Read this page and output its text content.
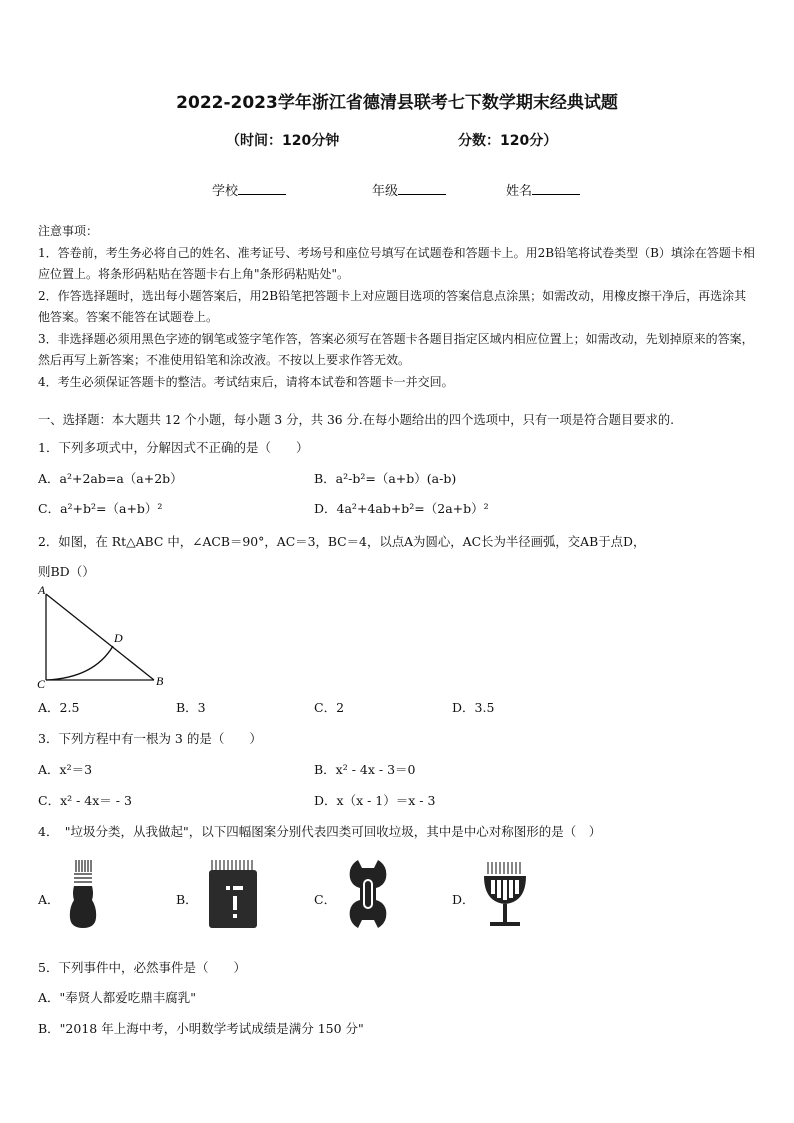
2022-2023学年浙江省德清县联考七下数学期末经典试题
（时间：120分钟	分数：120分）
学校	年级	姓名

注意事项：

1．答卷前，考生务必将自己的姓名、准考证号、考场号和座位号填写在试题卷和答题卡上。用2B铅笔将试卷类型（B）填涂在答题卡相应位置上。将条形码粘贴在答题卡右上角"条形码粘贴处"。

2．作答选择题时，选出每小题答案后，用2B铅笔把答题卡上对应题目选项的答案信息点涂黑；如需改动，用橡皮擦干净后，再选涂其他答案。答案不能答在试题卷上。

3．非选择题必须用黑色字迹的钢笔或签字笔作答，答案必须写在答题卡各题目指定区域内相应位置上；如需改动，先划掉原来的答案，然后再写上新答案；不准使用铅笔和涂改液。不按以上要求作答无效。

4．考生必须保证答题卡的整洁。考试结束后，请将本试卷和答题卡一并交回。

一、选择题：本大题共 12 个小题，每小题 3 分，共 36 分.在每小题给出的四个选项中，只有一项是符合题目要求的.
1．下列多项式中，分解因式不正确的是（　　）
A．a²+2ab=a（a+2b）	B．a²-b²=（a+b）(a-b)
C．a²+b²=（a+b）²	D．4a²+4ab+b²=（2a+b）²
2．如图，在 Rt△ABC 中，∠ACB＝90°，AC＝3，BC＝4，以点A为圆心，AC长为半径画弧，交AB于点D，
则BD（）
A
B
C
D
A．2.5	B．3	C．2	D．3.5
3．下列方程中有一根为 3 的是（　　）
A．x²＝3	B．x² - 4x - 3＝0
C．x² - 4x＝ - 3	D．x（x - 1）＝x - 3
4．　"垃圾分类，从我做起"，以下四幅图案分别代表四类可回收垃圾，其中是中心对称图形的是（　）
A．	B．	C．	D．
5．下列事件中，必然事件是（　　）
A．"奉贤人都爱吃鼎丰腐乳"
B．"2018 年上海中考，小明数学考试成绩是满分 150 分"
